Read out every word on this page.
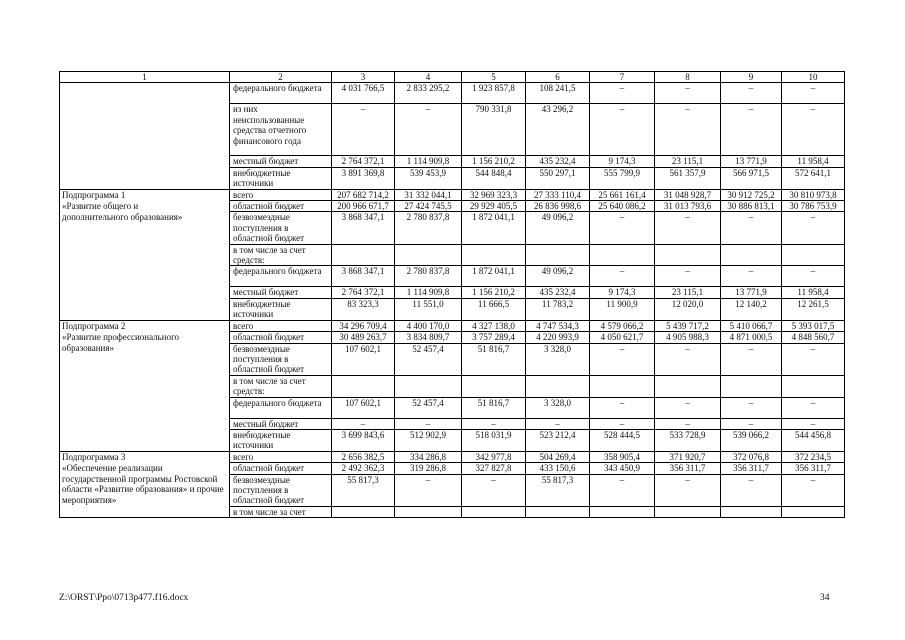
1	2	3	4	5	6	7	8	9	10
	федерального бюджета	4 031 766,5	2 833 295,2	1 923 857,8	108 241,5	–	–	–	–
	из них неиспользованные средства отчетного финансового года	–	–	790 331,8	43 296,2	–	–	–	–
	местный бюджет	2 764 372,1	1 114 909,8	1 156 210,2	435 232,4	9 174,3	23 115,1	13 771,9	11 958,4
	внебюджетные источники	3 891 369,8	539 453,9	544 848,4	550 297,1	555 799,9	561 357,9	566 971,5	572 641,1
Подпрограмма 1	всего	207 682 714,2	31 332 044,1	32 969 323,3	27 333 110,4	25 661 161,4	31 048 928,7	30 912 725,2	30 810 973,8
«Развитие общего и	областной бюджет	200 966 671,7	27 424 745,5	29 929 405,5	26 836 998,6	25 640 086,2	31 013 793,6	30 886 813,1	30 786 753,9
дополнительного образования»	безвозмездные поступления в областной бюджет	3 868 347,1	2 780 837,8	1 872 041,1	49 096,2	–	–	–	–
	в том числе за счет средств:								
	федерального бюджета	3 868 347,1	2 780 837,8	1 872 041,1	49 096,2	–	–	–	–
	местный бюджет	2 764 372,1	1 114 909,8	1 156 210,2	435 232,4	9 174,3	23 115,1	13 771,9	11 958,4
	внебюджетные источники	83 323,3	11 551,0	11 666,5	11 783,2	11 900,9	12 020,0	12 140,2	12 261,5
Подпрограмма 2	всего	34 296 709,4	4 400 170,0	4 327 138,0	4 747 534,3	4 579 066,2	5 439 717,2	5 410 066,7	5 393 017,5
«Развитие профессионального	областной бюджет	30 489 263,7	3 834 809,7	3 757 289,4	4 220 993,9	4 050 621,7	4 905 988,3	4 871 000,5	4 848 560,7
образования»	безвозмездные поступления в областной бюджет	107 602,1	52 457,4	51 816,7	3 328,0	–	–	–	–
	в том числе за счет средств:								
	федерального бюджета	107 602,1	52 457,4	51 816,7	3 328,0	–	–	–	–
	местный бюджет	–	–	–	–	–	–	–	–
	внебюджетные источники	3 699 843,6	512 902,9	518 031,9	523 212,4	528 444,5	533 728,9	539 066,2	544 456,8
Подпрограмма 3	всего	2 656 382,5	334 286,8	342 977,8	504 269,4	358 905,4	371 920,7	372 076,8	372 234,5
«Обеспечение реализации	областной бюджет	2 492 362,3	319 286,8	327 827,8	433 150,6	343 450,9	356 311,7	356 311,7	356 311,7
государственной программы Ростовской области «Развитие образования» и прочие мероприятия»	безвозмездные поступления в областной бюджет	55 817,3	–	–	55 817,3	–	–	–	–
	в том числе за счет								
Z:\ORST\Ppo\0713p477.f16.docx	34
